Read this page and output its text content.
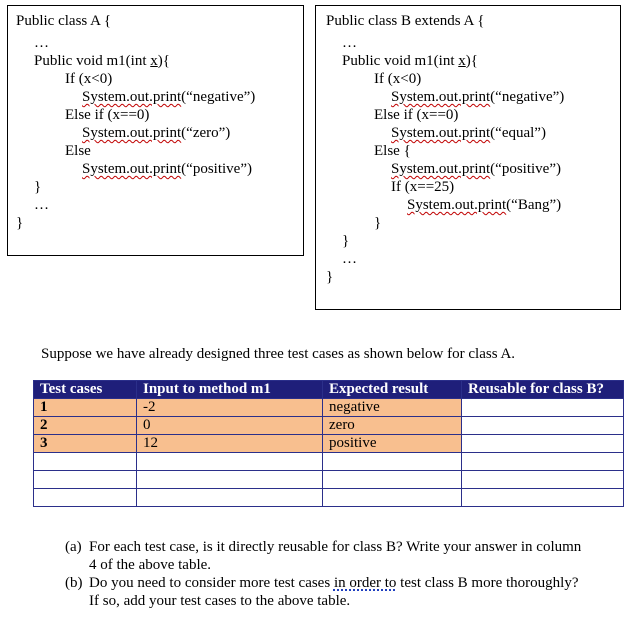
Public class A {
…
Public void m1(int x){
If (x<0)
System.out.print(“negative”)
Else if (x==0)
System.out.print(“zero”)
Else
System.out.print(“positive”)
}
…
}
Public class B extends A {
…
Public void m1(int x){
If (x<0)
System.out.print(“negative”)
Else if (x==0)
System.out.print(“equal”)
Else {
System.out.print(“positive”)
If (x==25)
System.out.print(“Bang”)
}
}
…
}
Suppose we have already designed three test cases as shown below for class A.
Test cases	Input to method m1	Expected result	Reusable for class B?
1	-2	negative	
2	0	zero	
3	12	positive	

(a) For each test case, is it directly reusable for class B? Write your answer in column
4 of the above table.
(b) Do you need to consider more test cases in order to test class B more thoroughly?
If so, add your test cases to the above table.
